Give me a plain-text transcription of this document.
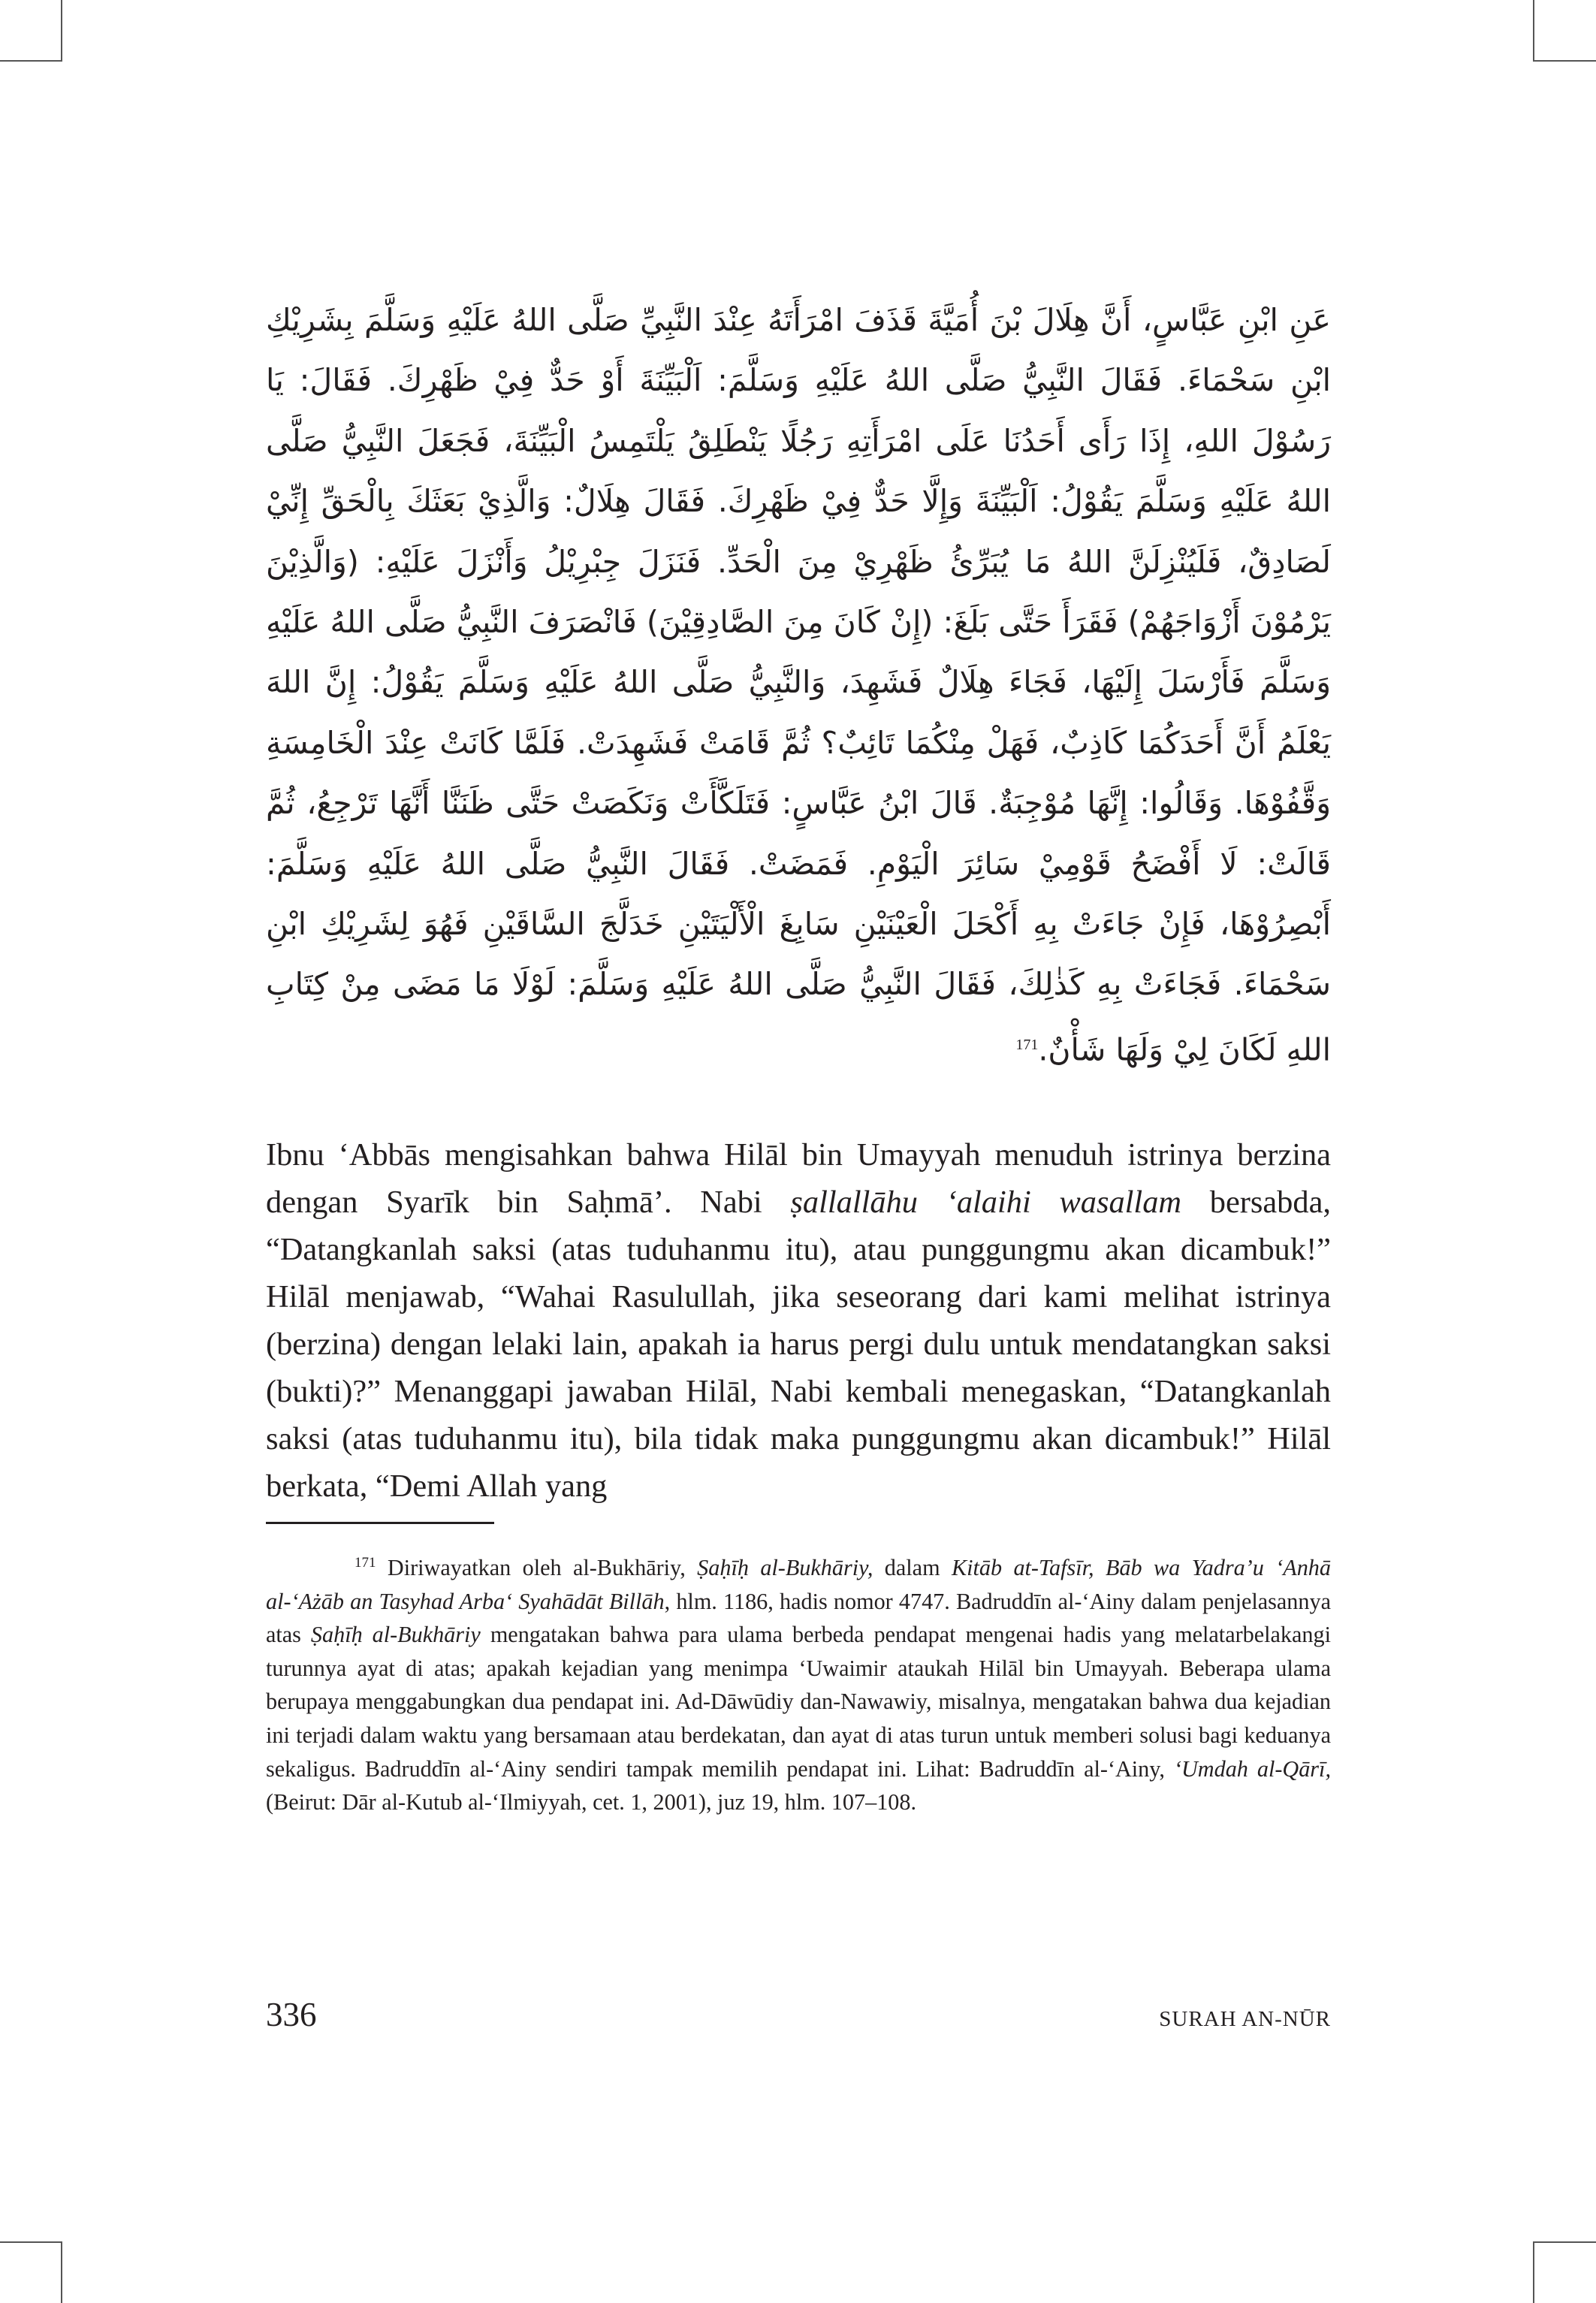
عَنِ ابْنِ عَبَّاسٍ، أَنَّ هِلَالَ بْنَ أُمَيَّةَ قَذَفَ امْرَأَتَهُ عِنْدَ النَّبِيِّ صَلَّى اللهُ عَلَيْهِ وَسَلَّمَ بِشَرِيْكِ ابْنِ سَحْمَاءَ. فَقَالَ النَّبِيُّ صَلَّى اللهُ عَلَيْهِ وَسَلَّمَ: اَلْبَيِّنَةَ أَوْ حَدٌّ فِيْ ظَهْرِكَ. فَقَالَ: يَا رَسُوْلَ اللهِ، إِذَا رَأَى أَحَدُنَا عَلَى امْرَأَتِهِ رَجُلًا يَنْطَلِقُ يَلْتَمِسُ الْبَيِّنَةَ، فَجَعَلَ النَّبِيُّ صَلَّى اللهُ عَلَيْهِ وَسَلَّمَ يَقُوْلُ: اَلْبَيِّنَةَ وَإِلَّا حَدٌّ فِيْ ظَهْرِكَ. فَقَالَ هِلَالٌ: وَالَّذِيْ بَعَثَكَ بِالْحَقِّ إِنِّيْ لَصَادِقٌ، فَلَيُنْزِلَنَّ اللهُ مَا يُبَرِّئُ ظَهْرِيْ مِنَ الْحَدِّ. فَنَزَلَ جِبْرِيْلُ وَأَنْزَلَ عَلَيْهِ: (وَالَّذِيْنَ يَرْمُوْنَ أَزْوَاجَهُمْ) فَقَرَأَ حَتَّى بَلَغَ: (إِنْ كَانَ مِنَ الصَّادِقِيْنَ) فَانْصَرَفَ النَّبِيُّ صَلَّى اللهُ عَلَيْهِ وَسَلَّمَ فَأَرْسَلَ إِلَيْهَا، فَجَاءَ هِلَالٌ فَشَهِدَ، وَالنَّبِيُّ صَلَّى اللهُ عَلَيْهِ وَسَلَّمَ يَقُوْلُ: إِنَّ اللهَ يَعْلَمُ أَنَّ أَحَدَكُمَا كَاذِبٌ، فَهَلْ مِنْكُمَا تَائِبٌ؟ ثُمَّ قَامَتْ فَشَهِدَتْ. فَلَمَّا كَانَتْ عِنْدَ الْخَامِسَةِ وَقَّفُوْهَا. وَقَالُوا: إِنَّهَا مُوْجِبَةٌ. قَالَ ابْنُ عَبَّاسٍ: فَتَلَكَّأَتْ وَنَكَصَتْ حَتَّى ظَنَنَّا أَنَّهَا تَرْجِعُ، ثُمَّ قَالَتْ: لَا أَفْضَحُ قَوْمِيْ سَائِرَ الْيَوْمِ. فَمَضَتْ. فَقَالَ النَّبِيُّ صَلَّى اللهُ عَلَيْهِ وَسَلَّمَ: أَبْصِرُوْهَا، فَإِنْ جَاءَتْ بِهِ أَكْحَلَ الْعَيْنَيْنِ سَابِغَ الْأَلْيَتَيْنِ خَدَلَّجَ السَّاقَيْنِ فَهُوَ لِشَرِيْكِ ابْنِ سَحْمَاءَ. فَجَاءَتْ بِهِ كَذٰلِكَ، فَقَالَ النَّبِيُّ صَلَّى اللهُ عَلَيْهِ وَسَلَّمَ: لَوْلَا مَا مَضَى مِنْ كِتَابِ اللهِ لَكَانَ لِيْ وَلَهَا شَأْنٌ.$^{171}$
Ibnu ‘Abbās mengisahkan bahwa Hilāl bin Umayyah menuduh istrinya berzina dengan Syarīk bin Saḥmā’. Nabi ṣallallāhu ‘alaihi wasallam bersabda, “Datangkanlah saksi (atas tuduhanmu itu), atau punggungmu akan dicambuk!” Hilāl menjawab, “Wahai Rasulullah, jika seseorang dari kami melihat istrinya (berzina) dengan lelaki lain, apakah ia harus pergi dulu untuk mendatangkan saksi (bukti)?” Menanggapi jawaban Hilāl, Nabi kembali menegaskan, “Datangkanlah saksi (atas tuduhanmu itu), bila tidak maka punggungmu akan dicambuk!” Hilāl berkata, “Demi Allah yang
$^{171}$ Diriwayatkan oleh al-Bukhāriy, Ṣaḥīḥ al-Bukhāriy, dalam Kitāb at-Tafsīr, Bāb wa Yadra’u ‘Anhā al-‘Ażāb an Tasyhad Arba‘ Syahādāt Billāh, hlm. 1186, hadis nomor 4747. Badruddīn al-‘Ainy dalam penjelasannya atas Ṣaḥīḥ al-Bukhāriy mengatakan bahwa para ulama berbeda pendapat mengenai hadis yang melatarbelakangi turunnya ayat di atas; apakah kejadian yang menimpa ‘Uwaimir ataukah Hilāl bin Umayyah. Beberapa ulama berupaya menggabungkan dua pendapat ini. Ad-Dāwūdiy dan-Nawawiy, misalnya, mengatakan bahwa dua kejadian ini terjadi dalam waktu yang bersamaan atau berdekatan, dan ayat di atas turun untuk memberi solusi bagi keduanya sekaligus. Badruddīn al-‘Ainy sendiri tampak memilih pendapat ini. Lihat: Badruddīn al-‘Ainy, ‘Umdah al-Qārī, (Beirut: Dār al-Kutub al-‘Ilmiyyah, cet. 1, 2001), juz 19, hlm. 107–108.
336	SURAH AN-NŪR
